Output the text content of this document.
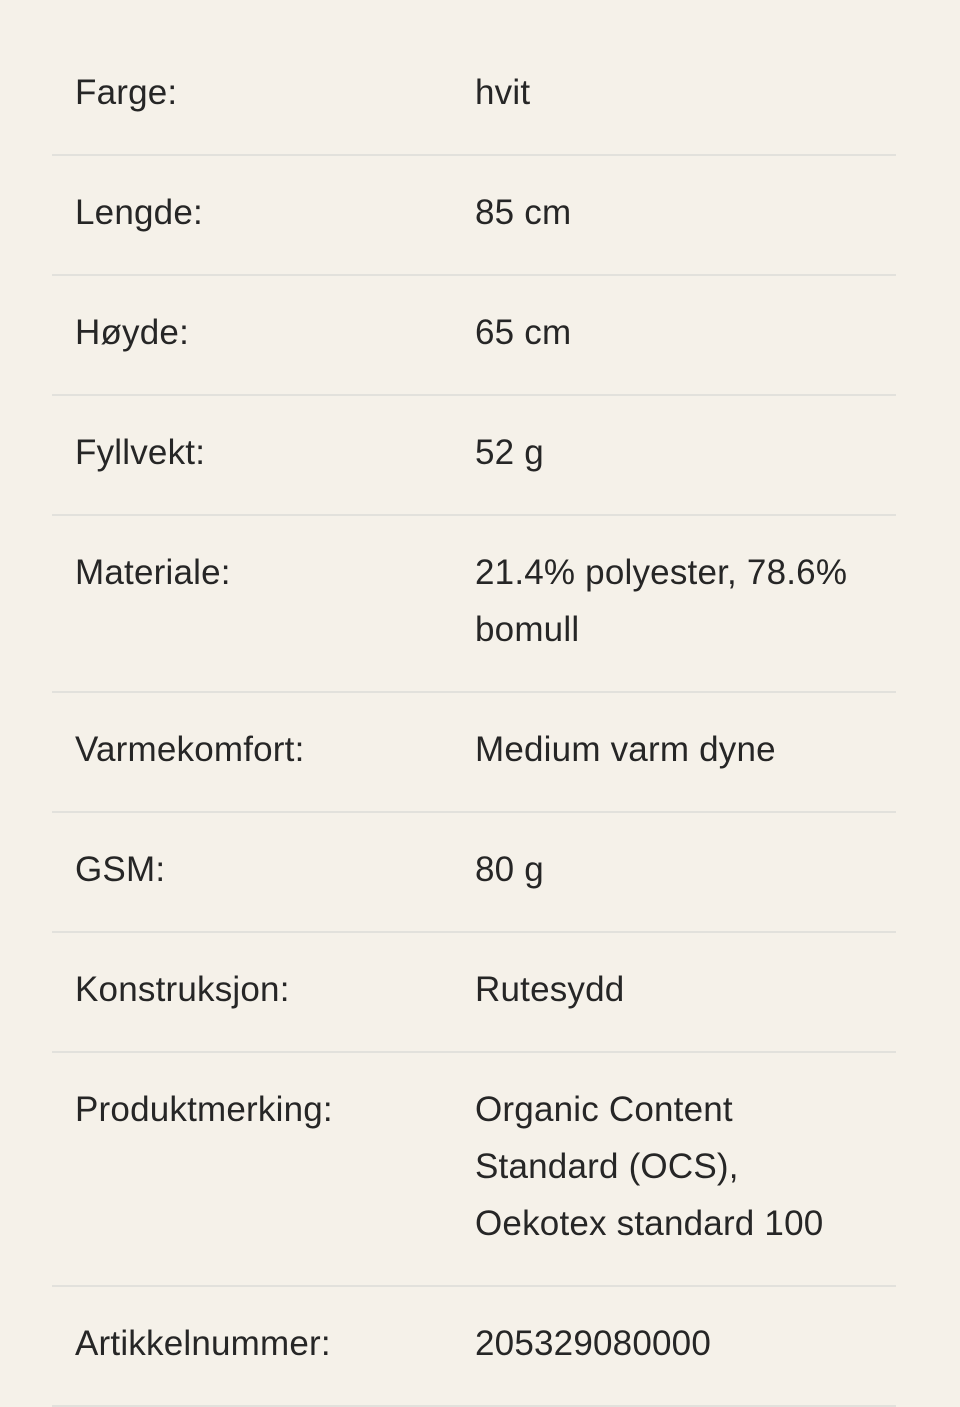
Farge:	hvit
Lengde:	85 cm
Høyde:	65 cm
Fyllvekt:	52 g
Materiale:	21.4% polyester, 78.6% bomull
Varmekomfort:	Medium varm dyne
GSM:	80 g
Konstruksjon:	Rutesydd
Produktmerking:	Organic Content Standard (OCS), Oekotex standard 100
Artikkelnummer:	205329080000
